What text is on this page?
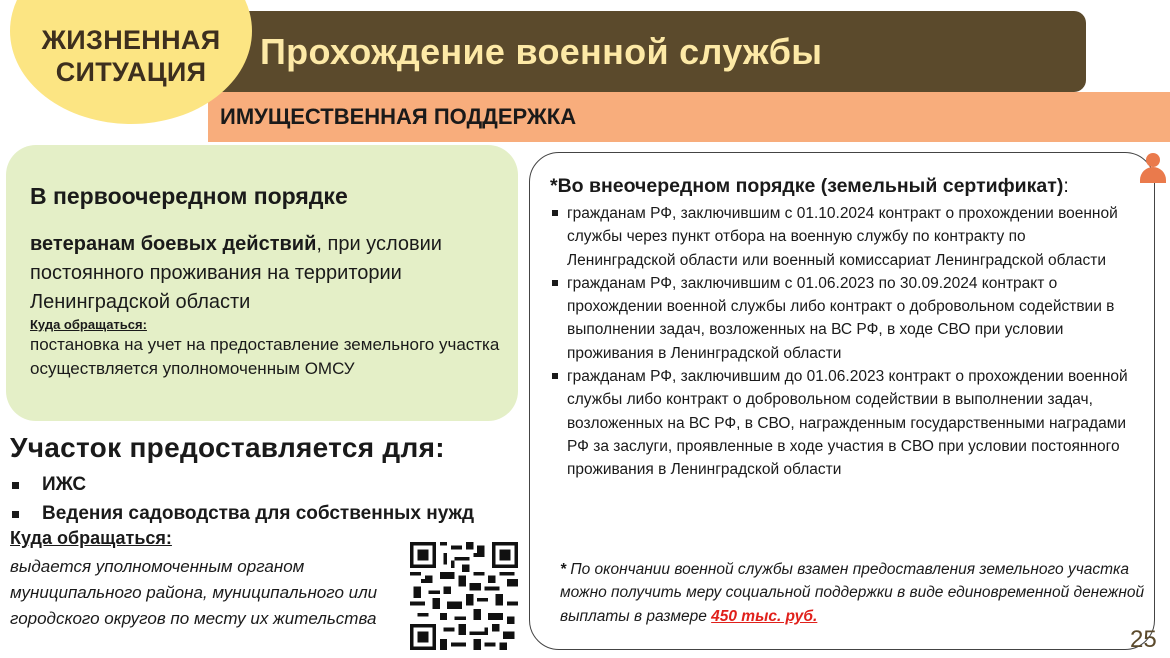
ЖИЗНЕННАЯ
СИТУАЦИЯ
Прохождение военной службы
ИМУЩЕСТВЕННАЯ ПОДДЕРЖКА
В первоочередном порядке
ветеранам боевых действий, при условии постоянного проживания на территории Ленинградской области
Куда обращаться:
постановка на учет на предоставление земельного участка осуществляется уполномоченным ОМСУ
Участок предоставляется для:
ИЖС
Ведения садоводства для собственных нужд
Куда обращаться:
выдается уполномоченным органом муниципального района, муниципального или городского округов по месту их жительства
*Во внеочередном порядке (земельный сертификат):
гражданам РФ, заключившим с 01.10.2024 контракт о прохождении военной службы через пункт отбора на военную службу по контракту по Ленинградской области или военный комиссариат Ленинградской области
гражданам РФ, заключившим с 01.06.2023 по 30.09.2024 контракт о прохождении военной службы либо контракт о добровольном содействии в выполнении задач, возложенных на ВС РФ, в ходе СВО при условии проживания в Ленинградской области
гражданам РФ, заключившим до 01.06.2023 контракт о прохождении военной службы либо контракт о добровольном содействии в выполнении задач, возложенных на ВС РФ, в СВО, награжденным государственными наградами РФ за заслуги, проявленные в ходе участия в СВО при условии постоянного проживания в Ленинградской области
* По окончании военной службы взамен предоставления земельного участка можно получить меру социальной поддержки в виде единовременной денежной выплаты в размере 450 тыс. руб.
25
